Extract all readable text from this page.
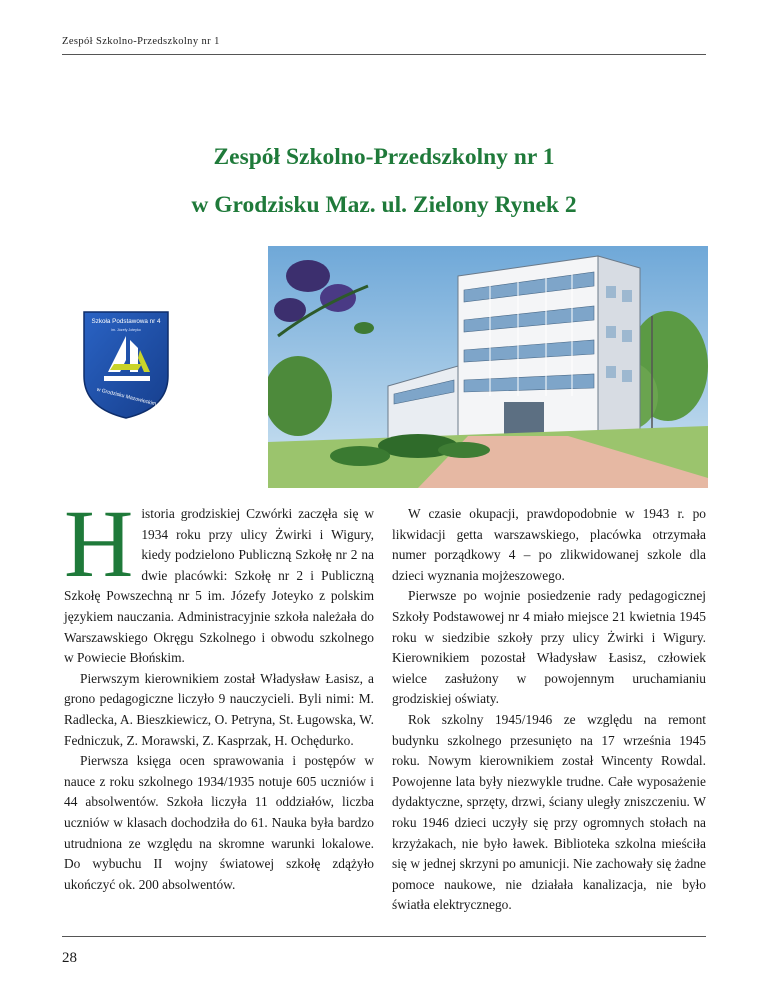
Zespół Szkolno-Przedszkolny nr 1
Zespół Szkolno-Przedszkolny nr 1
w Grodzisku Maz. ul. Zielony Rynek 2
Szkoła Podstawowa nr 4
im. Józefy Joteyko
w Grodzisku Mazowieckim
H istoria grodziskiej Czwórki zaczęła się w 1934 roku przy ulicy Żwirki i Wigury, kiedy podzielono Publiczną Szkołę nr 2 na dwie placówki: Szkołę nr 2 i Publiczną Szkołę Powszechną nr 5 im. Józefy Joteyko z polskim językiem nauczania. Administracyjnie szkoła należała do Warszawskiego Okręgu Szkolnego i obwodu szkolnego w Powiecie Błońskim.

Pierwszym kierownikiem został Władysław Łasisz, a grono pedagogiczne liczyło 9 nauczycieli. Byli nimi: M. Radlecka, A. Bieszkiewicz, O. Petryna, St. Ługowska, W. Fedniczuk, Z. Morawski, Z. Kasprzak, H. Ochędurko.

Pierwsza księga ocen sprawowania i postępów w nauce z roku szkolnego 1934/1935 notuje 605 uczniów i 44 absolwentów. Szkoła liczyła 11 oddziałów, liczba uczniów w klasach dochodziła do 61. Nauka była bardzo utrudniona ze względu na skromne warunki lokalowe. Do wybuchu II wojny światowej szkołę zdążyło ukończyć ok. 200 absolwentów.

W czasie okupacji, prawdopodobnie w 1943 r. po likwidacji getta warszawskiego, placówka otrzymała numer porządkowy 4 – po zlikwidowanej szkole dla dzieci wyznania mojżeszowego.

Pierwsze po wojnie posiedzenie rady pedagogicznej Szkoły Podstawowej nr 4 miało miejsce 21 kwietnia 1945 roku w siedzibie szkoły przy ulicy Żwirki i Wigury. Kierownikiem pozostał Władysław Łasisz, człowiek wielce zasłużony w powojennym uruchamianiu grodziskiej oświaty.

Rok szkolny 1945/1946 ze względu na remont budynku szkolnego przesunięto na 17 września 1945 roku. Nowym kierownikiem został Wincenty Rowdal. Powojenne lata były niezwykle trudne. Całe wyposażenie dydaktyczne, sprzęty, drzwi, ściany uległy zniszczeniu. W roku 1946 dzieci uczyły się przy ogromnych stołach na krzyżakach, nie było ławek. Biblioteka szkolna mieściła się w jednej skrzyni po amunicji. Nie zachowały się żadne pomoce naukowe, nie działała kanalizacja, nie było światła elektrycznego.

28
